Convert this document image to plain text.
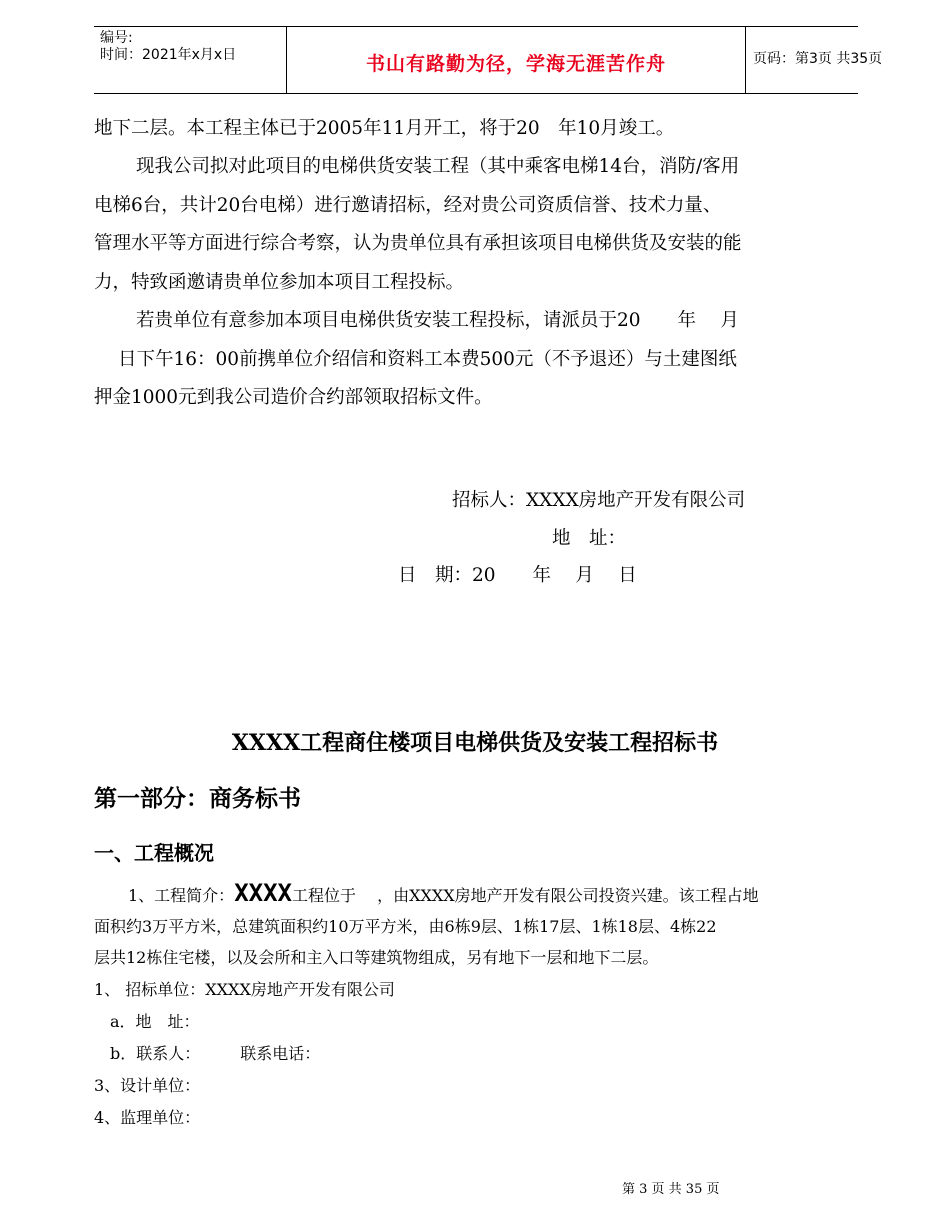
编号:
时间：2021年x月x日	书山有路勤为径，学海无涯苦作舟	页码：第3页 共35页
地下二层。本工程主体已于2005年11月开工，将于20　年10月竣工。
现我公司拟对此项目的电梯供货安装工程（其中乘客电梯14台，消防/客用
电梯6台，共计20台电梯）进行邀请招标，经对贵公司资质信誉、技术力量、
管理水平等方面进行综合考察，认为贵单位具有承担该项目电梯供货及安装的能
力，特致函邀请贵单位参加本项目工程投标。
若贵单位有意参加本项目电梯供货安装工程投标，请派员于20　　年　 月
日下午16：00前携单位介绍信和资料工本费500元（不予退还）与土建图纸
押金1000元到我公司造价合约部领取招标文件。
招标人：XXXX房地产开发有限公司
地　址：
日　期：20　　年　 月　 日
XXXX工程商住楼项目电梯供货及安装工程招标书
第一部分：商务标书
一、工程概况
1、工程简介：XXXX工程位于　 ，由XXXX房地产开发有限公司投资兴建。该工程占地
面积约3万平方米，总建筑面积约10万平方米，由6栋9层、1栋17层、1栋18层、4栋22
层共12栋住宅楼，以及会所和主入口等建筑物组成，另有地下一层和地下二层。
1、 招标单位：XXXX房地产开发有限公司
a．地　址：
b．联系人：　　　联系电话：
3、设计单位：
4、监理单位：
第 3 页 共 35 页
